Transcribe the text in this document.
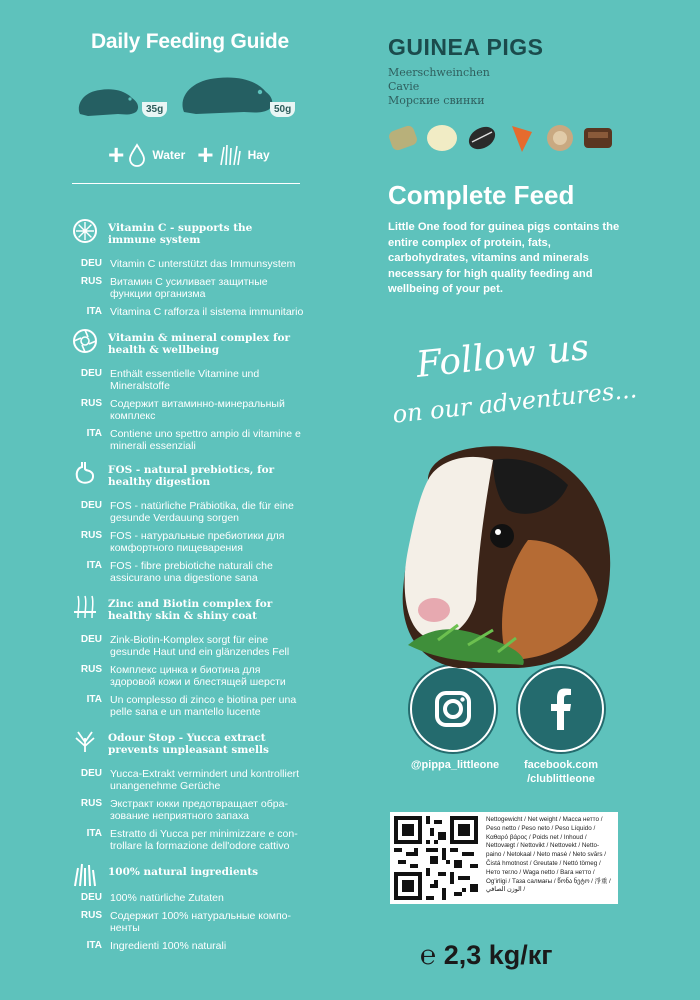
Daily Feeding Guide
35g	50g
+ Water +	Hay
Vitamin C - supports the immune system
DEU Vitamin C unterstützt das Immunsystem
RUS Витамин С усиливает защитные функции организма
ITA Vitamina C rafforza il sistema immunitario
Vitamin & mineral complex for health & wellbeing
DEU Enthält essentielle Vitamine und Mineralstoffe
RUS Содержит витаминно-минеральный комплекс
ITA Contiene uno spettro ampio di vitamine e minerali essenziali
FOS - natural prebiotics, for healthy digestion
DEU FOS - natürliche Präbiotika, die für eine gesunde Verdauung sorgen
RUS FOS - натуральные пребиотики для комфортного пищеварения
ITA FOS - fibre prebiotiche naturali che assicurano una digestione sana
Zinc and Biotin complex for healthy skin & shiny coat
DEU Zink-Biotin-Komplex sorgt für eine gesunde Haut und ein glänzendes Fell
RUS Комплекс цинка и биотина для здоровой кожи и блестящей шерсти
ITA Un complesso di zinco e biotina per una pelle sana e un mantello lucente
Odour Stop - Yucca extract prevents unpleasant smells
DEU Yucca-Extrakt vermindert und kontrolliert unangenehme Gerüche
RUS Экстракт юкки предотвращает обра-зование неприятного запаха
ITA Estratto di Yucca per minimizzare e con-trollare la formazione dell'odore cattivo
100% natural ingredients
DEU 100% natürliche Zutaten
RUS Содержит 100% натуральные компо-ненты
ITA Ingredienti 100% naturali
GUINEA PIGS
Meerschweinchen
Cavie
Морские свинки
Complete Feed
Little One food for guinea pigs contains the entire complex of protein, fats, carbohydrates, vitamins and minerals necessary for high quality feeding and wellbeing of your pet.
Follow us
on our adventures...
@pippa_littleone	facebook.com
/clublittleone
Nettogewicht / Net weight / Масса нетто / Peso netto / Peso neto / Peso Líquido / Καθαρό βάρος / Poids net / Inhoud / Nettovægt / Nettovikt / Nettovekt / Netto-paino / Netokaal / Neto masė / Neto svārs / Čistá hmotnost / Greutate / Nettó tömeg / Нето тегло / Waga netto / Вага нетто / Og'irligi / Таза салмағы / წონა ნეტო / 淨重 / الوزن الصافي /
℮ 2,3 kg/кг
